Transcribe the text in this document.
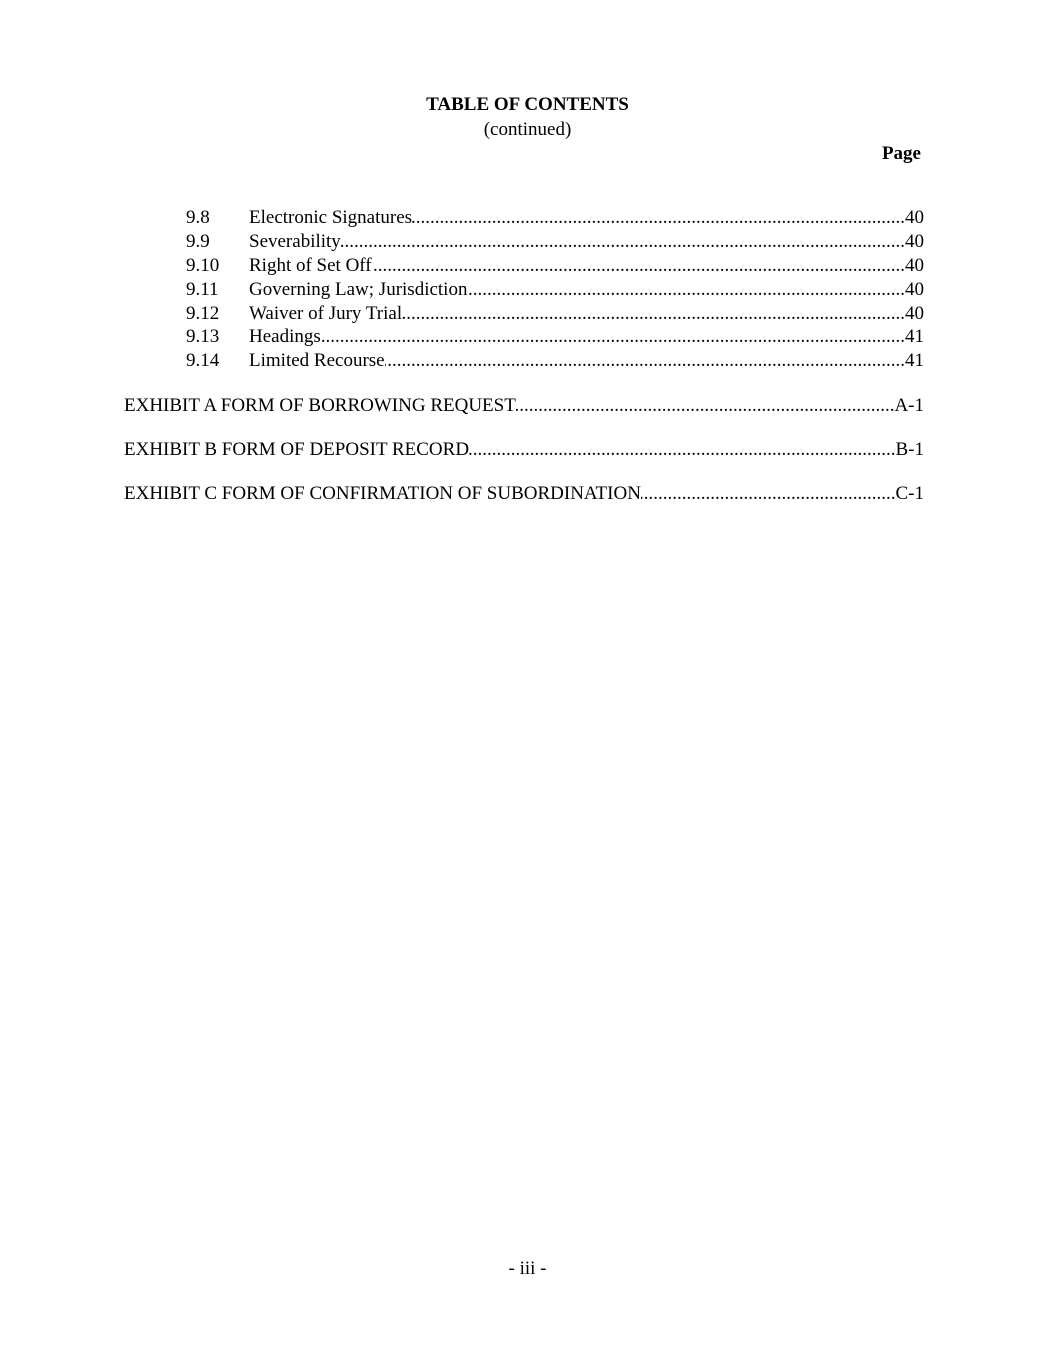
TABLE OF CONTENTS
(continued)
Page
9.8	Electronic Signatures .....	40
9.9	Severability .....	40
9.10	Right of Set Off .....	40
9.11	Governing Law; Jurisdiction .....	40
9.12	Waiver of Jury Trial .....	40
9.13	Headings .....	41
9.14	Limited Recourse .....	41
EXHIBIT A FORM OF BORROWING REQUEST .....	A-1
EXHIBIT B FORM OF DEPOSIT RECORD .....	B-1
EXHIBIT C FORM OF CONFIRMATION OF SUBORDINATION .....	C-1
- iii -
